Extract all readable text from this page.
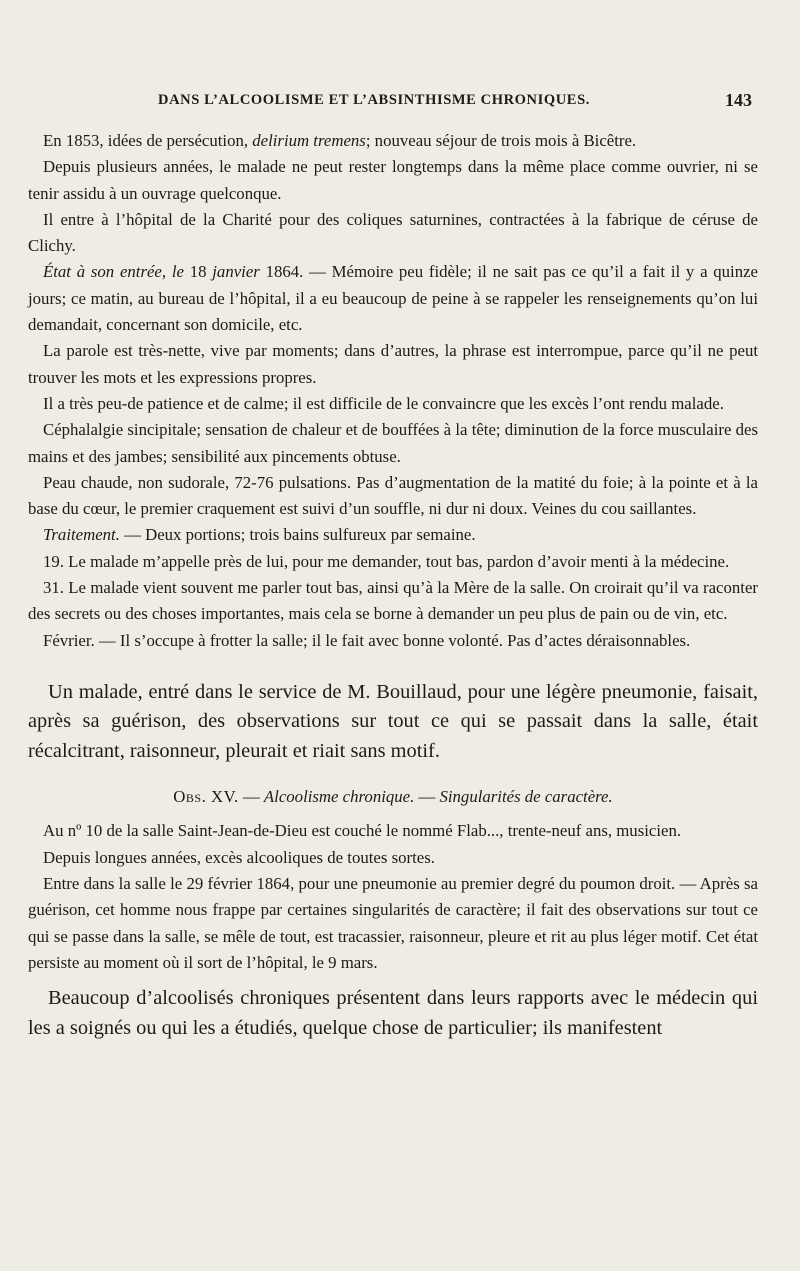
DANS L’ALCOOLISME ET L’ABSINTHISME CHRONIQUES.	143

En 1853, idées de persécution, delirium tremens; nouveau séjour de trois mois à Bicêtre.

Depuis plusieurs années, le malade ne peut rester longtemps dans la même place comme ouvrier, ni se tenir assidu à un ouvrage quelconque.

Il entre à l’hôpital de la Charité pour des coliques saturnines, contractées à la fabrique de céruse de Clichy.

État à son entrée, le 18 janvier 1864. — Mémoire peu fidèle; il ne sait pas ce qu’il a fait il y a quinze jours; ce matin, au bureau de l’hôpital, il a eu beaucoup de peine à se rappeler les renseignements qu’on lui demandait, concernant son domicile, etc.

La parole est très-nette, vive par moments; dans d’autres, la phrase est interrompue, parce qu’il ne peut trouver les mots et les expressions propres.

Il a très peu-de patience et de calme; il est difficile de le convaincre que les excès l’ont rendu malade.

Céphalalgie sincipitale; sensation de chaleur et de bouffées à la tête; diminution de la force musculaire des mains et des jambes; sensibilité aux pincements obtuse.

Peau chaude, non sudorale, 72-76 pulsations. Pas d’augmentation de la matité du foie; à la pointe et à la base du cœur, le premier craquement est suivi d’un souffle, ni dur ni doux. Veines du cou saillantes.

Traitement. — Deux portions; trois bains sulfureux par semaine.

19. Le malade m’appelle près de lui, pour me demander, tout bas, pardon d’avoir menti à la médecine.

31. Le malade vient souvent me parler tout bas, ainsi qu’à la Mère de la salle. On croirait qu’il va raconter des secrets ou des choses importantes, mais cela se borne à demander un peu plus de pain ou de vin, etc.

Février. — Il s’occupe à frotter la salle; il le fait avec bonne volonté. Pas d’actes déraisonnables.

Un malade, entré dans le service de M. Bouillaud, pour une légère pneumonie, faisait, après sa guérison, des observations sur tout ce qui se passait dans la salle, était récalcitrant, raisonneur, pleurait et riait sans motif.

Obs. XV. — Alcoolisme chronique. — Singularités de caractère.

Au nº 10 de la salle Saint-Jean-de-Dieu est couché le nommé Flab..., trente-neuf ans, musicien.

Depuis longues années, excès alcooliques de toutes sortes.

Entre dans la salle le 29 février 1864, pour une pneumonie au premier degré du poumon droit. — Après sa guérison, cet homme nous frappe par certaines singularités de caractère; il fait des observations sur tout ce qui se passe dans la salle, se mêle de tout, est tracassier, raisonneur, pleure et rit au plus léger motif. Cet état persiste au moment où il sort de l’hôpital, le 9 mars.

Beaucoup d’alcoolisés chroniques présentent dans leurs rapports avec le médecin qui les a soignés ou qui les a étudiés, quelque chose de particulier; ils manifestent
